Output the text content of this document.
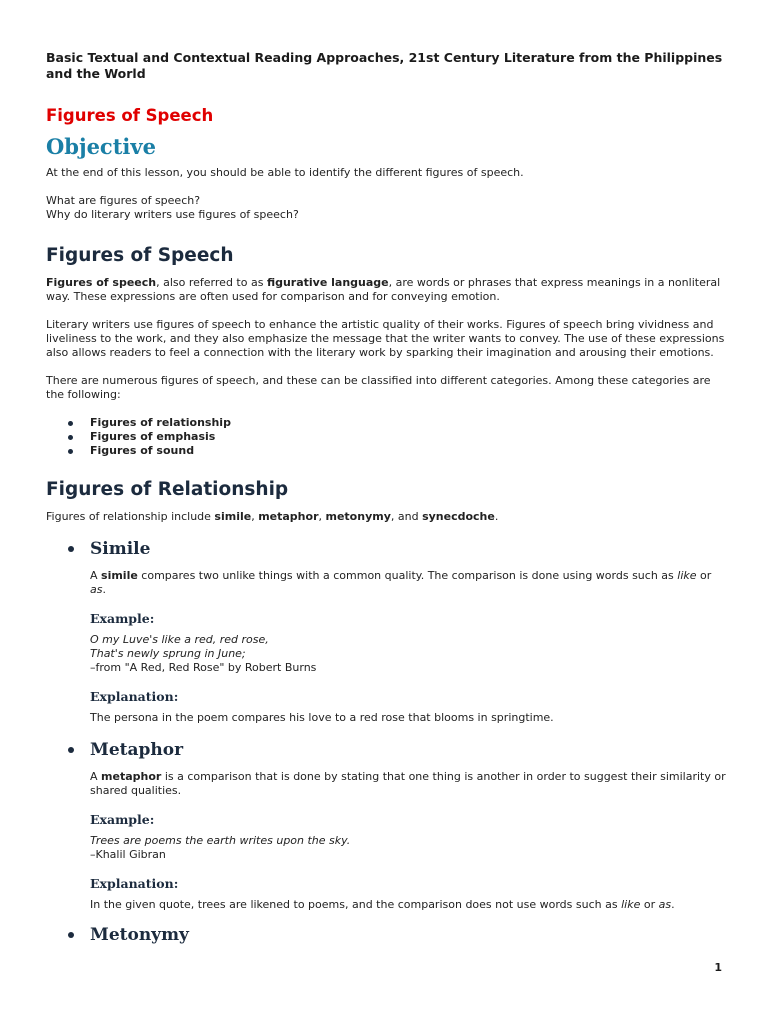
Basic Textual and Contextual Reading Approaches, 21st Century Literature from the Philippines and the World

Figures of Speech
Objective

At the end of this lesson, you should be able to identify the different figures of speech.

What are figures of speech?
Why do literary writers use figures of speech?

Figures of Speech

Figures of speech, also referred to as figurative language, are words or phrases that express meanings in a nonliteral way. These expressions are often used for comparison and for conveying emotion.

Literary writers use figures of speech to enhance the artistic quality of their works. Figures of speech bring vividness and liveliness to the work, and they also emphasize the message that the writer wants to convey. The use of these expressions also allows readers to feel a connection with the literary work by sparking their imagination and arousing their emotions.

There are numerous figures of speech, and these can be classified into different categories. Among these categories are the following:

Figures of relationship
Figures of emphasis
Figures of sound
Figures of Relationship

Figures of relationship include simile, metaphor, metonymy, and synecdoche.

Simile

A simile compares two unlike things with a common quality. The comparison is done using words such as like or as.

Example:
O my Luve's like a red, red rose,
That's newly sprung in June;
–from "A Red, Red Rose" by Robert Burns
Explanation:

The persona in the poem compares his love to a red rose that blooms in springtime.

Metaphor

A metaphor is a comparison that is done by stating that one thing is another in order to suggest their similarity or shared qualities.

Example:
Trees are poems the earth writes upon the sky.
–Khalil Gibran
Explanation:

In the given quote, trees are likened to poems, and the comparison does not use words such as like or as.

Metonymy
1
